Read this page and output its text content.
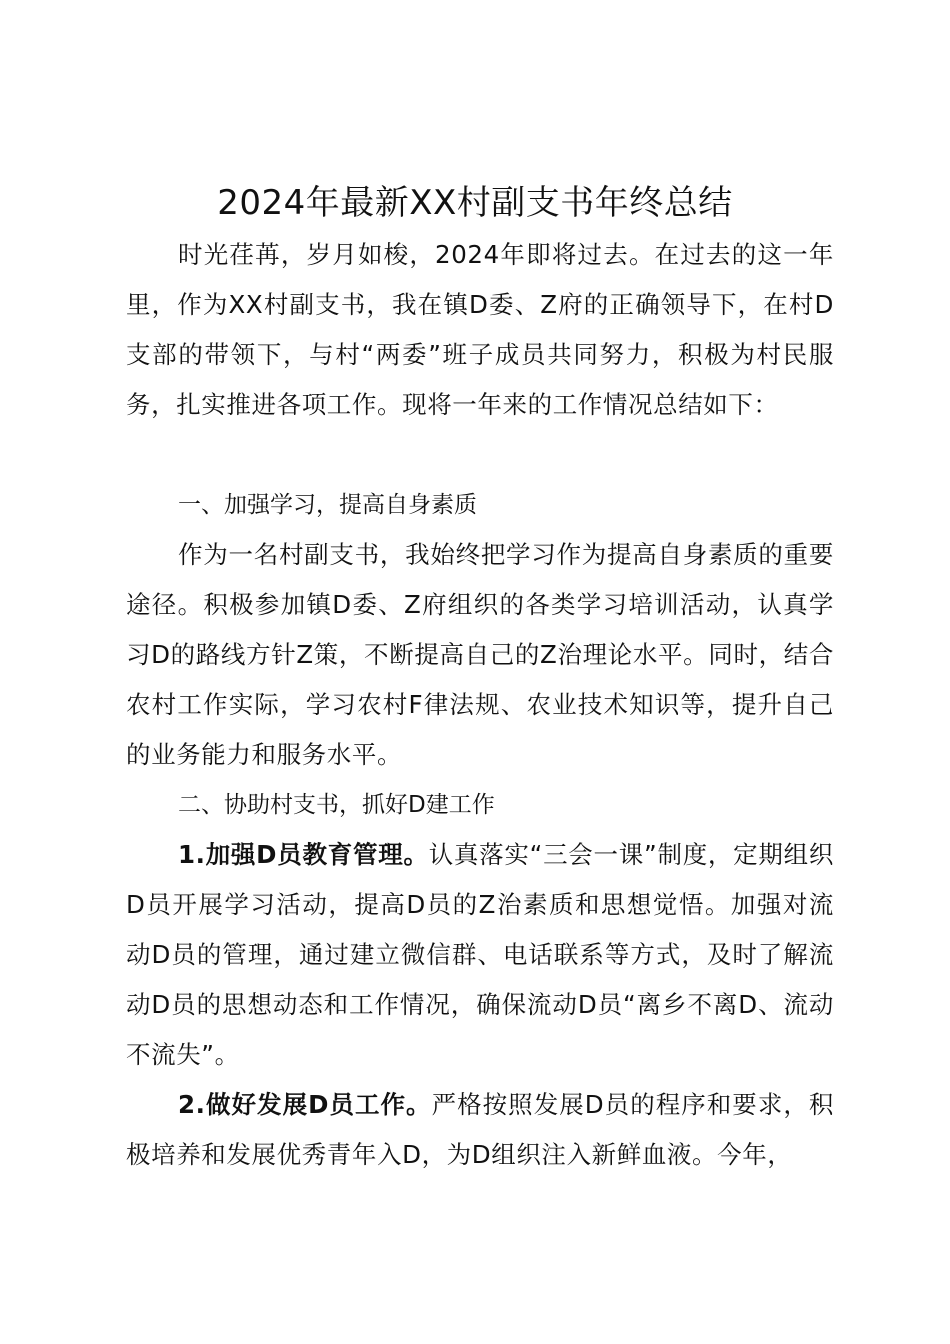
2024年最新XX村副支书年终总结

时光荏苒，岁月如梭，2024年即将过去。在过去的这一年里，作为XX村副支书，我在镇D委、Z府的正确领导下，在村D支部的带领下，与村“两委”班子成员共同努力，积极为村民服务，扎实推进各项工作。现将一年来的工作情况总结如下：

一、加强学习，提高自身素质

作为一名村副支书，我始终把学习作为提高自身素质的重要途径。积极参加镇D委、Z府组织的各类学习培训活动，认真学习D的路线方针Z策，不断提高自己的Z治理论水平。同时，结合农村工作实际，学习农村F律法规、农业技术知识等，提升自己的业务能力和服务水平。

二、协助村支书，抓好D建工作

1.加强D员教育管理。认真落实“三会一课”制度，定期组织D员开展学习活动，提高D员的Z治素质和思想觉悟。加强对流动D员的管理，通过建立微信群、电话联系等方式，及时了解流动D员的思想动态和工作情况，确保流动D员“离乡不离D、流动不流失”。

2.做好发展D员工作。严格按照发展D员的程序和要求，积极培养和发展优秀青年入D，为D组织注入新鲜血液。今年，
